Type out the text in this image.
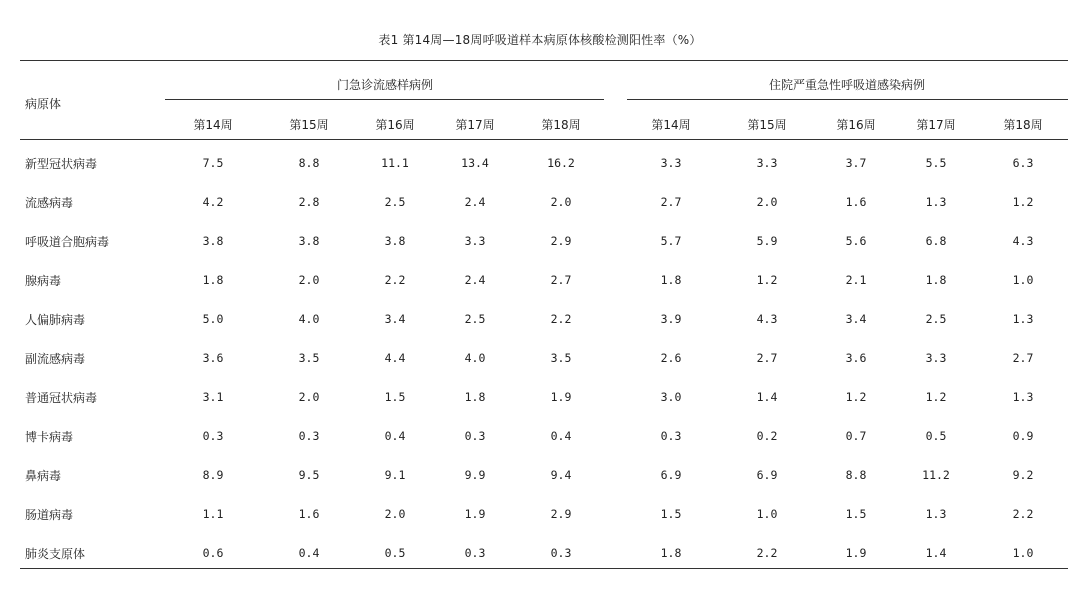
表1 第14周—18周呼吸道样本病原体核酸检测阳性率（%）
病原体
门急诊流感样病例	住院严重急性呼吸道感染病例
第14周	第15周	第16周	第17周	第18周	第14周	第15周	第16周	第17周	第18周
新型冠状病毒	7.5	8.8	11.1	13.4	16.2	3.3	3.3	3.7	5.5	6.3
流感病毒	4.2	2.8	2.5	2.4	2.0	2.7	2.0	1.6	1.3	1.2
呼吸道合胞病毒	3.8	3.8	3.8	3.3	2.9	5.7	5.9	5.6	6.8	4.3
腺病毒	1.8	2.0	2.2	2.4	2.7	1.8	1.2	2.1	1.8	1.0
人偏肺病毒	5.0	4.0	3.4	2.5	2.2	3.9	4.3	3.4	2.5	1.3
副流感病毒	3.6	3.5	4.4	4.0	3.5	2.6	2.7	3.6	3.3	2.7
普通冠状病毒	3.1	2.0	1.5	1.8	1.9	3.0	1.4	1.2	1.2	1.3
博卡病毒	0.3	0.3	0.4	0.3	0.4	0.3	0.2	0.7	0.5	0.9
鼻病毒	8.9	9.5	9.1	9.9	9.4	6.9	6.9	8.8	11.2	9.2
肠道病毒	1.1	1.6	2.0	1.9	2.9	1.5	1.0	1.5	1.3	2.2
肺炎支原体	0.6	0.4	0.5	0.3	0.3	1.8	2.2	1.9	1.4	1.0
